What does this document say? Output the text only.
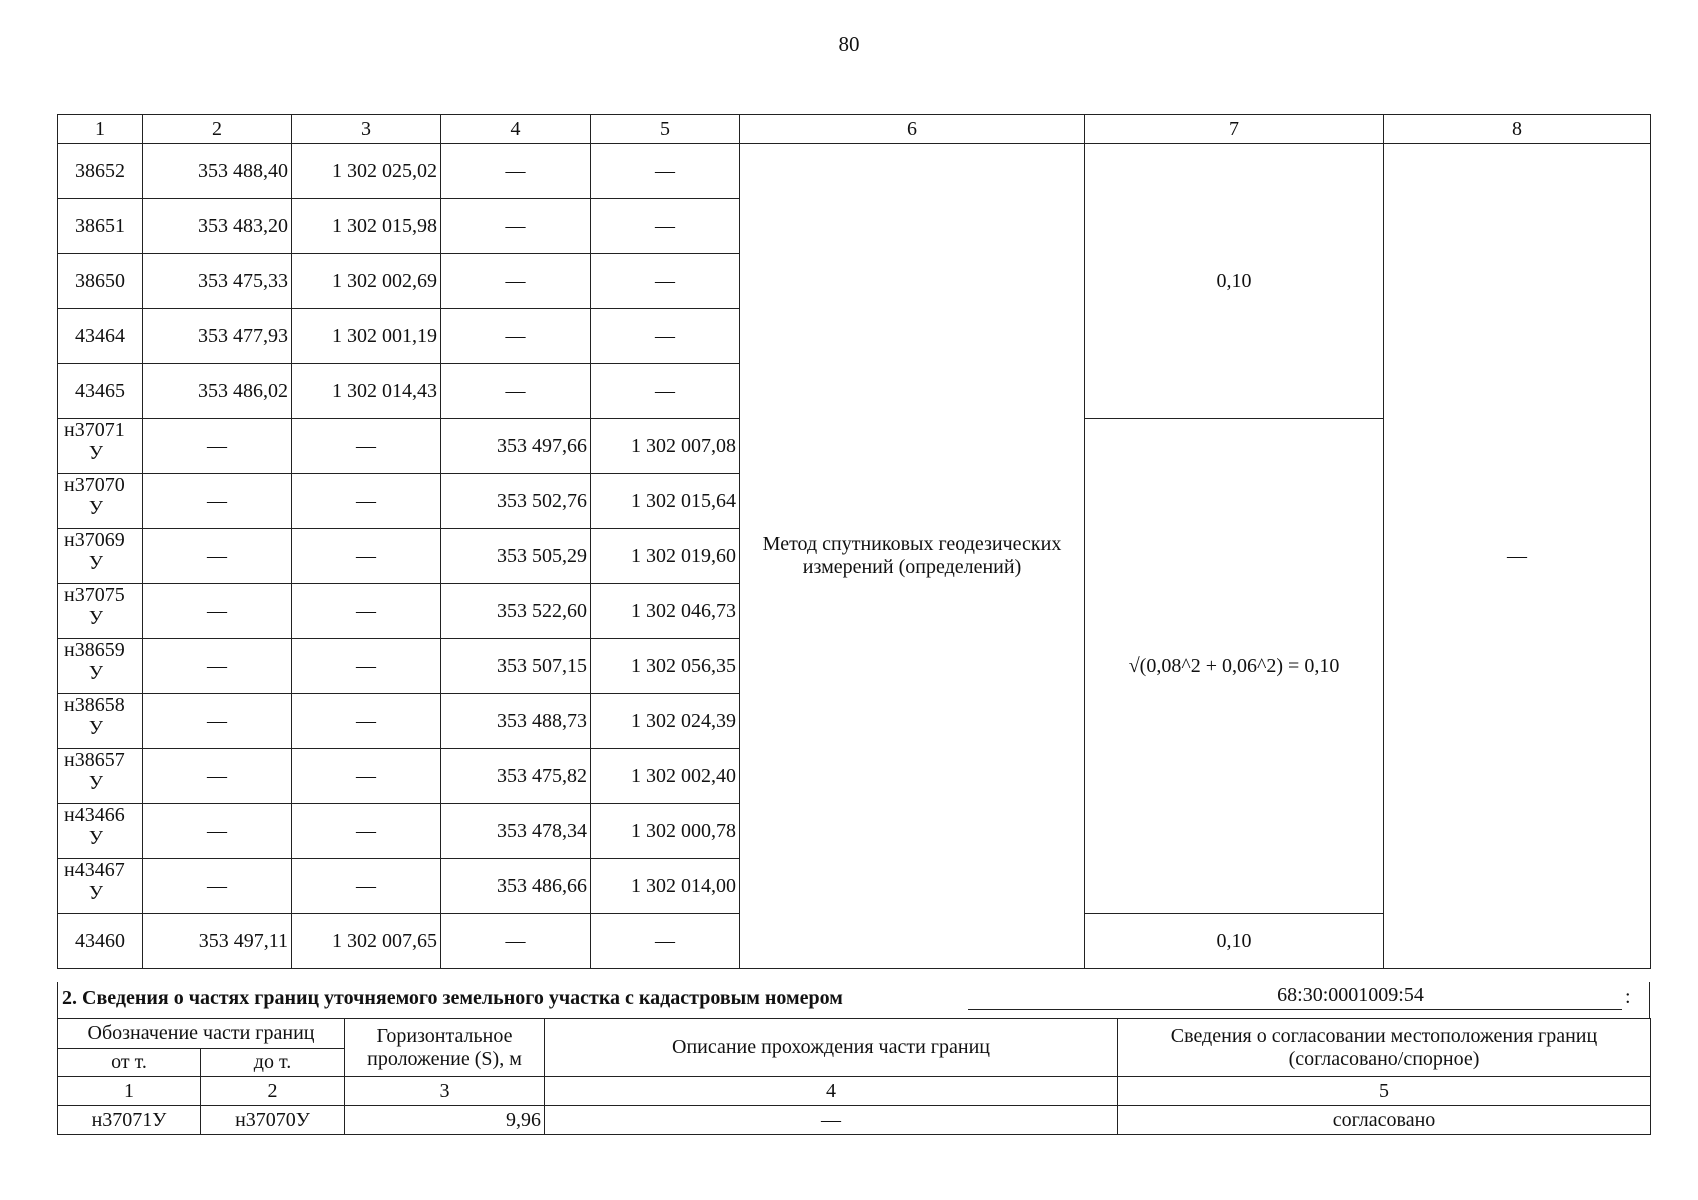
80
1	2	3	4	5	6	7	8
38652	353 488,40	1 302 025,02	—	—	Метод спутниковых геодезических измерений (определений)	0,10	—
38651	353 483,20	1 302 015,98	—	—			
38650	353 475,33	1 302 002,69	—	—			
43464	353 477,93	1 302 001,19	—	—			
43465	353 486,02	1 302 014,43	—	—			

н37071
У	—	—	353 497,66	1 302 007,08		√(0,08^2 + 0,06^2) = 0,10	

н37070
У	—	—	353 502,76	1 302 015,64			

н37069
У	—	—	353 505,29	1 302 019,60			

н37075
У	—	—	353 522,60	1 302 046,73			

н38659
У	—	—	353 507,15	1 302 056,35			

н38658
У	—	—	353 488,73	1 302 024,39			

н38657
У	—	—	353 475,82	1 302 002,40			

н43466
У	—	—	353 478,34	1 302 000,78			

н43467
У	—	—	353 486,66	1 302 014,00			
43460	353 497,11	1 302 007,65	—	—		0,10	
2. Сведения о частях границ уточняемого земельного участка с кадастровым номером	68:30:0001009:54	:
Обозначение части границ		Горизонтальное проложение (S), м	Описание прохождения части границ	Сведения о согласовании местоположения границ (согласовано/спорное)
от т.	до т.			
1	2	3	4	5
н37071У	н37070У	9,96	—	согласовано
